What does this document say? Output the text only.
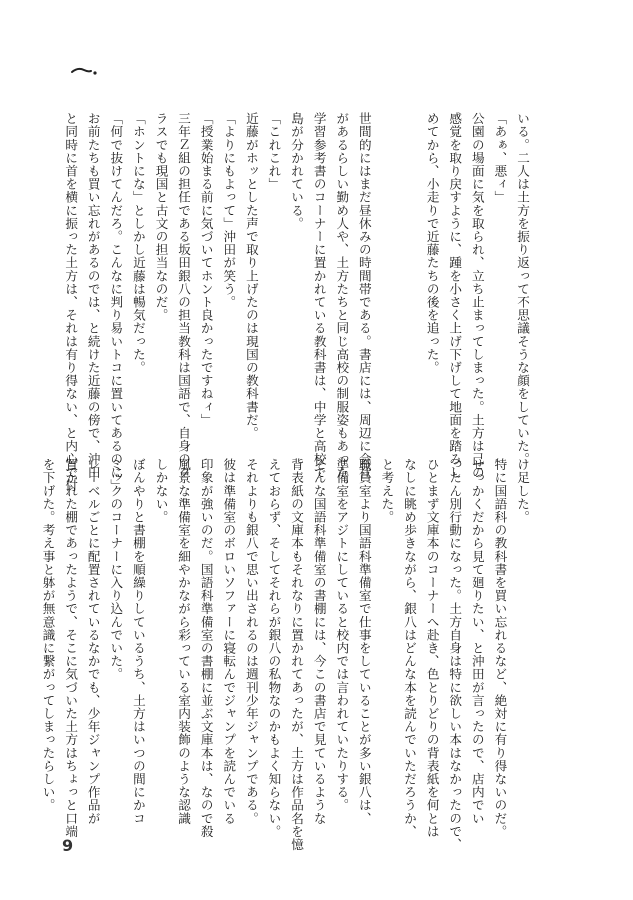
いる。二人は土方を振り返って不思議そうな顔をしていた。
「あぁ、悪ィ」
公園の場面に気を取られ、立ち止まってしまった。土方は己の
感覚を取り戻すように、踵を小さく上げ下げして地面を踏みし
めてから、小走りで近藤たちの後を追った。

世間的にはまだ昼休みの時間帯である。書店には、周辺に会社
があるらしい勤め人や、土方たちと同じ高校の制服姿もあった。
学習参考書のコーナーに置かれている教科書は、中学と高校で
島が分かれている。
「これこれ」
近藤がホッとした声で取り上げたのは現国の教科書だ。
「よりにもよって」沖田が笑う。
「授業始まる前に気づいてホント良かったですねィ」
三年Ｚ組の担任である坂田銀八の担当教科は国語で、自身のク
ラスでも現国と古文の担当なのだ。
「ホントにな」としかし近藤は暢気だった。
「何で抜けてんだろ。こんなに判り易いトコに置いてあるのに」
お前たちも買い忘れがあるのでは、と続けた近藤の傍で、沖田
と同時に首を横に振った土方は、それは有り得ない、と内心で付	け足した。
特に国語科の教科書を買い忘れるなど、絶対に有り得ないのだ。
せっかくだから見て廻りたい、と沖田が言ったので、店内でい
ったん別行動になった。土方自身は特に欲しい本はなかったので、
ひとまず文庫本のコーナーへ赴き、色とりどりの背表紙を何とは
なしに眺め歩きながら、銀八はどんな本を読んでいただろうか、
と考えた。
職員室より国語科準備室で仕事をしていることが多い銀八は、
準備室をアジトにしていると校内では言われていたりする。
そんな国語科準備室の書棚には、今この書店で見ているような
背表紙の文庫本もそれなりに置かれてあったが、土方は作品名を憶
えておらず、そしてそれらが銀八の私物なのかもよく知らない。
それよりも銀八で思い出されるのは週刊少年ジャンプである。
彼は準備室のボロいソファーに寝転んでジャンプを読んでいる
印象が強いのだ。国語科準備室の書棚に並ぶ文庫本は、なので殺
風景な準備室を細やかながら彩っている室内装飾のような認識
しかない。
ぼんやりと書棚を順繰りしているうち、土方はいつの間にかコ
ミックのコーナーに入り込んでいた。
レーベルごとに配置されているなかでも、少年ジャンプ作品が
置かれた棚であったようで、そこに気づいた土方はちょっと口端
を下げた。考え事と躰が無意識に繋がってしまったらしい。
9
